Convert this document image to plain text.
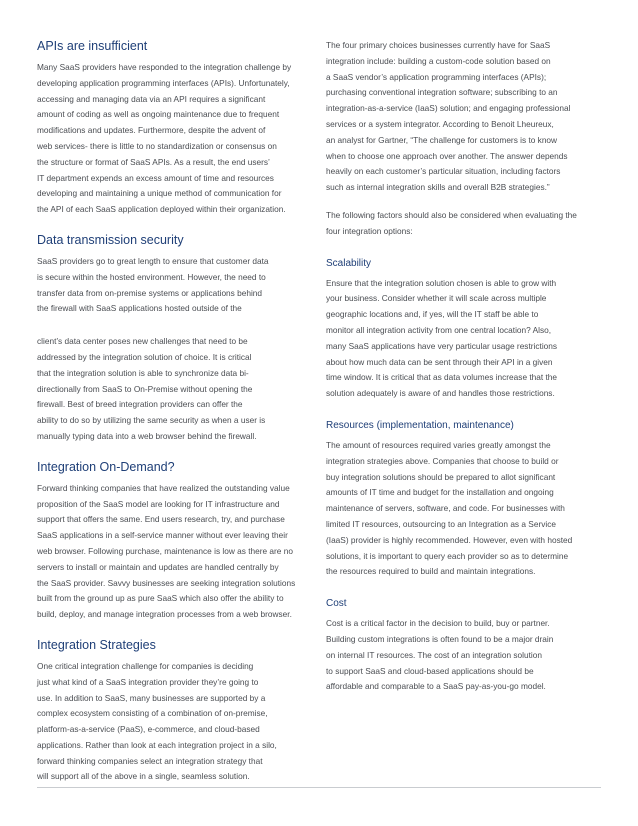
APIs are insufficient
Many SaaS providers have responded to the integration challenge by
developing application programming interfaces (APIs). Unfortunately,
accessing and managing data via an API requires a significant
amount of coding as well as ongoing maintenance due to frequent
modifications and updates. Furthermore, despite the advent of
web services- there is little to no standardization or consensus on
the structure or format of SaaS APIs. As a result, the end users’
IT department expends an excess amount of time and resources
developing and maintaining a unique method of communication for
the API of each SaaS application deployed within their organization.
Data transmission security
SaaS providers go to great length to ensure that customer data
is secure within the hosted environment. However, the need to
transfer data from on-premise systems or applications behind
the firewall with SaaS applications hosted outside of the
client’s data center poses new challenges that need to be
addressed by the integration solution of choice. It is critical
that the integration solution is able to synchronize data bi-
directionally from SaaS to On-Premise without opening the
firewall. Best of breed integration providers can offer the
ability to do so by utilizing the same security as when a user is
manually typing data into a web browser behind the firewall.
Integration On-Demand?
Forward thinking companies that have realized the outstanding value
proposition of the SaaS model are looking for IT infrastructure and
support that offers the same. End users research, try, and purchase
SaaS applications in a self-service manner without ever leaving their
web browser. Following purchase, maintenance is low as there are no
servers to install or maintain and updates are handled centrally by
the SaaS provider. Savvy businesses are seeking integration solutions
built from the ground up as pure SaaS which also offer the ability to
build, deploy, and manage integration processes from a web browser.
Integration Strategies
One critical integration challenge for companies is deciding
just what kind of a SaaS integration provider they’re going to
use. In addition to SaaS, many businesses are supported by a
complex ecosystem consisting of a combination of on-premise,
platform-as-a-service (PaaS), e-commerce, and cloud-based
applications. Rather than look at each integration project in a silo,
forward thinking companies select an integration strategy that
will support all of the above in a single, seamless solution.
The four primary choices businesses currently have for SaaS
integration include: building a custom-code solution based on
a SaaS vendor’s application programming interfaces (APIs);
purchasing conventional integration software; subscribing to an
integration-as-a-service (IaaS) solution; and engaging professional
services or a system integrator. According to Benoit Lheureux,
an analyst for Gartner, “The challenge for customers is to know
when to choose one approach over another. The answer depends
heavily on each customer’s particular situation, including factors
such as internal integration skills and overall B2B strategies.”
The following factors should also be considered when evaluating the
four integration options:
Scalability
Ensure that the integration solution chosen is able to grow with
your business. Consider whether it will scale across multiple
geographic locations and, if yes, will the IT staff be able to
monitor all integration activity from one central location? Also,
many SaaS applications have very particular usage restrictions
about how much data can be sent through their API in a given
time window. It is critical that as data volumes increase that the
solution adequately is aware of and handles those restrictions.
Resources (implementation, maintenance)
The amount of resources required varies greatly amongst the
integration strategies above. Companies that choose to build or
buy integration solutions should be prepared to allot significant
amounts of IT time and budget for the installation and ongoing
maintenance of servers, software, and code. For businesses with
limited IT resources, outsourcing to an Integration as a Service
(IaaS) provider is highly recommended. However, even with hosted
solutions, it is important to query each provider so as to determine
the resources required to build and maintain integrations.
Cost
Cost is a critical factor in the decision to build, buy or partner.
Building custom integrations is often found to be a major drain
on internal IT resources. The cost of an integration solution
to support SaaS and cloud-based applications should be
affordable and comparable to a SaaS pay-as-you-go model.
